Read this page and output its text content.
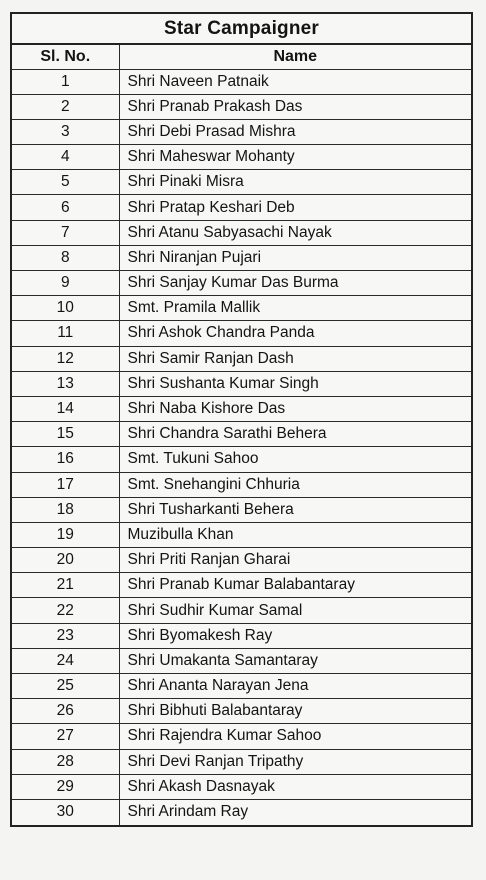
Star Campaigner
Sl. No.	Name
1	Shri Naveen Patnaik
2	Shri Pranab Prakash Das
3	Shri Debi Prasad Mishra
4	Shri Maheswar Mohanty
5	Shri Pinaki Misra
6	Shri Pratap Keshari Deb
7	Shri Atanu Sabyasachi Nayak
8	Shri Niranjan Pujari
9	Shri Sanjay Kumar Das Burma
10	Smt. Pramila Mallik
11	Shri Ashok Chandra Panda
12	Shri Samir Ranjan Dash
13	Shri Sushanta Kumar Singh
14	Shri Naba Kishore Das
15	Shri Chandra Sarathi Behera
16	Smt. Tukuni Sahoo
17	Smt. Snehangini Chhuria
18	Shri Tusharkanti Behera
19	Muzibulla Khan
20	Shri Priti Ranjan Gharai
21	Shri Pranab Kumar Balabantaray
22	Shri Sudhir Kumar Samal
23	Shri Byomakesh Ray
24	Shri Umakanta Samantaray
25	Shri Ananta Narayan Jena
26	Shri Bibhuti Balabantaray
27	Shri Rajendra Kumar Sahoo
28	Shri Devi Ranjan Tripathy
29	Shri Akash Dasnayak
30	Shri Arindam Ray
